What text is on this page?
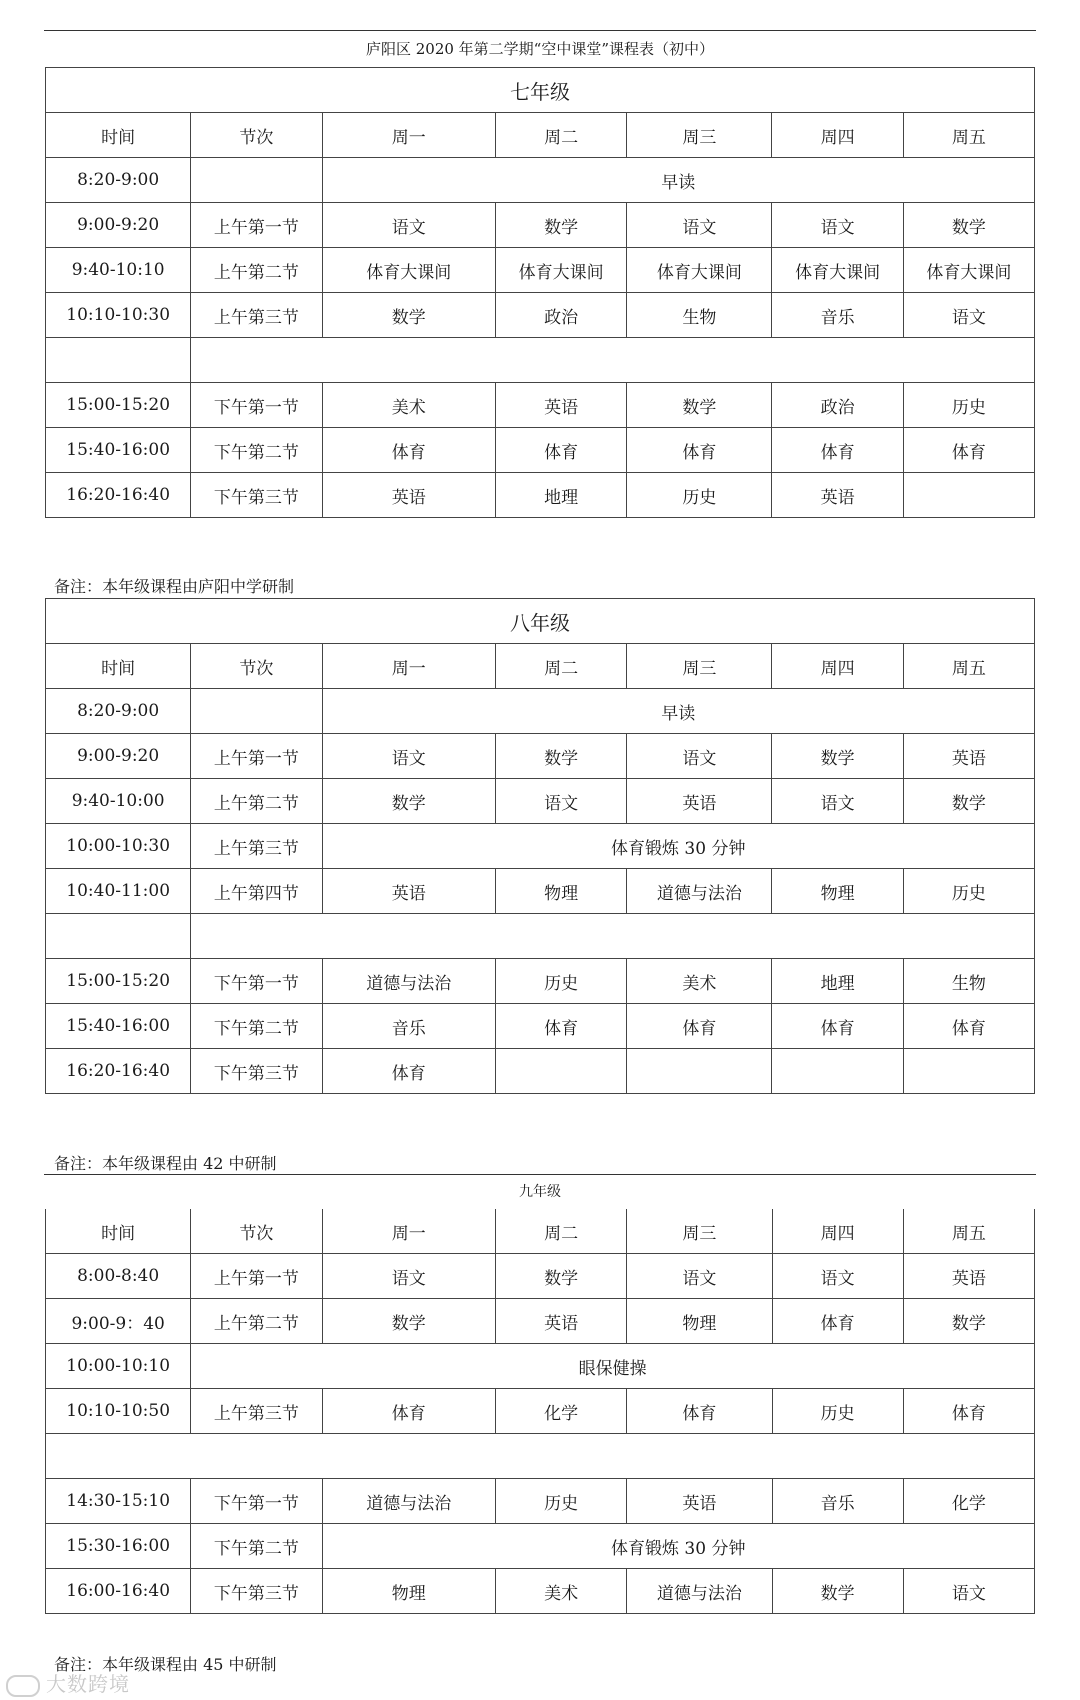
庐阳区 2020 年第二学期“空中课堂”课程表（初中）
七年级						
时间	节次	周一	周二	周三	周四	周五
8:20-9:00		早读				
9:00-9:20	上午第一节	语文	数学	语文	语文	数学
9:40-10:10	上午第二节	体育大课间	体育大课间	体育大课间	体育大课间	体育大课间
10:10-10:30	上午第三节	数学	政治	生物	音乐	语文

15:00-15:20	下午第一节	美术	英语	数学	政治	历史
15:40-16:00	下午第二节	体育	体育	体育	体育	体育
16:20-16:40	下午第三节	英语	地理	历史	英语	
备注：本年级课程由庐阳中学研制
八年级						
时间	节次	周一	周二	周三	周四	周五
8:20-9:00		早读				
9:00-9:20	上午第一节	语文	数学	语文	数学	英语
9:40-10:00	上午第二节	数学	语文	英语	语文	数学
10:00-10:30	上午第三节	体育锻炼 30 分钟				
10:40-11:00	上午第四节	英语	物理	道德与法治	物理	历史

15:00-15:20	下午第一节	道德与法治	历史	美术	地理	生物
15:40-16:00	下午第二节	音乐	体育	体育	体育	体育
16:20-16:40	下午第三节	体育				
备注：本年级课程由 42 中研制
九年级
时间	节次	周一	周二	周三	周四	周五
8:00-8:40	上午第一节	语文	数学	语文	语文	英语
9:00-9：40	上午第二节	数学	英语	物理	体育	数学
10:00-10:10	眼保健操					
10:10-10:50	上午第三节	体育	化学	体育	历史	体育

14:30-15:10	下午第一节	道德与法治	历史	英语	音乐	化学
15:30-16:00	下午第二节	体育锻炼 30 分钟				
16:00-16:40	下午第三节	物理	美术	道德与法治	数学	语文
备注：本年级课程由 45 中研制
大数跨境
